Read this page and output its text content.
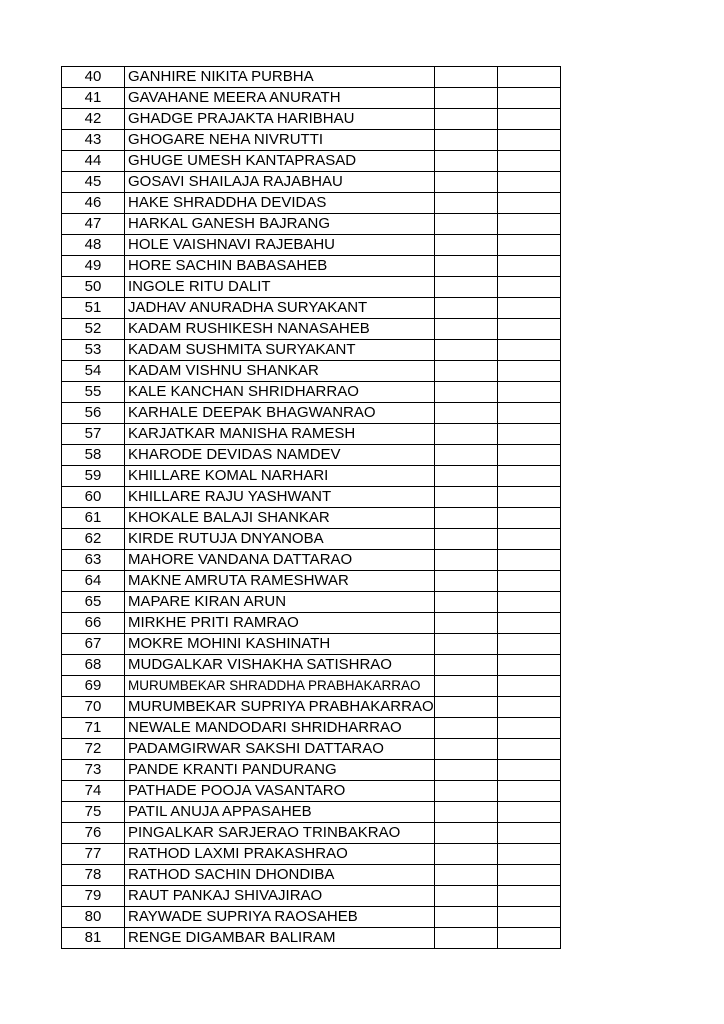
40	GANHIRE NIKITA PURBHA		
41	GAVAHANE MEERA ANURATH		
42	GHADGE PRAJAKTA HARIBHAU		
43	GHOGARE NEHA NIVRUTTI		
44	GHUGE UMESH KANTAPRASAD		
45	GOSAVI SHAILAJA RAJABHAU		
46	HAKE SHRADDHA DEVIDAS		
47	HARKAL GANESH BAJRANG		
48	HOLE VAISHNAVI RAJEBAHU		
49	HORE SACHIN BABASAHEB		
50	INGOLE RITU DALIT		
51	JADHAV ANURADHA SURYAKANT		
52	KADAM RUSHIKESH NANASAHEB		
53	KADAM SUSHMITA SURYAKANT		
54	KADAM VISHNU SHANKAR		
55	KALE KANCHAN SHRIDHARRAO		
56	KARHALE DEEPAK BHAGWANRAO		
57	KARJATKAR MANISHA RAMESH		
58	KHARODE DEVIDAS NAMDEV		
59	KHILLARE KOMAL NARHARI		
60	KHILLARE RAJU YASHWANT		
61	KHOKALE BALAJI SHANKAR		
62	KIRDE RUTUJA DNYANOBA		
63	MAHORE VANDANA DATTARAO		
64	MAKNE AMRUTA RAMESHWAR		
65	MAPARE KIRAN ARUN		
66	MIRKHE PRITI RAMRAO		
67	MOKRE MOHINI KASHINATH		
68	MUDGALKAR VISHAKHA SATISHRAO		
69	MURUMBEKAR SHRADDHA PRABHAKARRAO		
70	MURUMBEKAR SUPRIYA PRABHAKARRAO		
71	NEWALE MANDODARI SHRIDHARRAO		
72	PADAMGIRWAR SAKSHI DATTARAO		
73	PANDE KRANTI PANDURANG		
74	PATHADE POOJA VASANTARO		
75	PATIL ANUJA APPASAHEB		
76	PINGALKAR SARJERAO TRINBAKRAO		
77	RATHOD LAXMI PRAKASHRAO		
78	RATHOD SACHIN DHONDIBA		
79	RAUT PANKAJ SHIVAJIRAO		
80	RAYWADE SUPRIYA RAOSAHEB		
81	RENGE DIGAMBAR BALIRAM		
